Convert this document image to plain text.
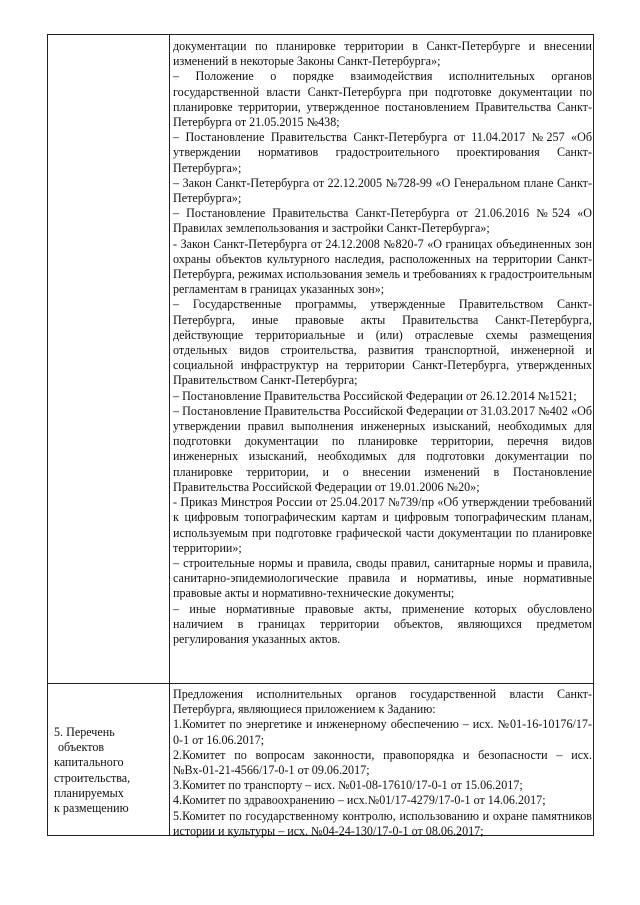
документации по планировке территории в Санкт-Петербурге и внесении изменений в некоторые Законы Санкт-Петербурга»;

– Положение о порядке взаимодействия исполнительных органов государственной власти Санкт-Петербурга при подготовке документации по планировке территории, утвержденное постановлением Правительства Санкт-Петербурга от 21.05.2015 №438;

– Постановление Правительства Санкт-Петербурга от 11.04.2017 №257 «Об утверждении нормативов градостроительного проектирования Санкт-Петербурга»;

– Закон Санкт-Петербурга от 22.12.2005 №728-99 «О Генеральном плане Санкт-Петербурга»;

– Постановление Правительства Санкт-Петербурга от 21.06.2016 №524 «О Правилах землепользования и застройки Санкт-Петербурга»;

- Закон Санкт-Петербурга от 24.12.2008 №820-7 «О границах объединенных зон охраны объектов культурного наследия, расположенных на территории Санкт-Петербурга, режимах использования земель и требованиях к градостроительным регламентам в границах указанных зон»;

– Государственные программы, утвержденные Правительством Санкт-Петербурга, иные правовые акты Правительства Санкт-Петербурга, действующие территориальные и (или) отраслевые схемы размещения отдельных видов строительства, развития транспортной, инженерной и социальной инфраструктур на территории Санкт-Петербурга, утвержденных Правительством Санкт-Петербурга;

– Постановление Правительства Российской Федерации от 26.12.2014 №1521;

– Постановление Правительства Российской Федерации от 31.03.2017 №402 «Об утверждении правил выполнения инженерных изысканий, необходимых для подготовки документации по планировке территории, перечня видов инженерных изысканий, необходимых для подготовки документации по планировке территории, и о внесении изменений в Постановление Правительства Российской Федерации от 19.01.2006 №20»;

- Приказ Минстроя России от 25.04.2017 №739/пр «Об утверждении требований к цифровым топографическим картам и цифровым топографическим планам, используемым при подготовке графической части документации по планировке территории»;

– строительные нормы и правила, своды правил, санитарные нормы и правила, санитарно-эпидемиологические правила и нормативы, иные нормативные правовые акты и нормативно-технические документы;

– иные нормативные правовые акты, применение которых обусловлено наличием в границах территории объектов, являющихся предметом регулирования указанных актов.

5. Перечень
объектов
капитального
строительства,
планируемых
к размещению

Предложения исполнительных органов государственной власти Санкт-Петербурга, являющиеся приложением к Заданию:

1.Комитет по энергетике и инженерному обеспечению – исх. №01-16-10176/17-0-1 от 16.06.2017;

2.Комитет по вопросам законности, правопорядка и безопасности – исх. №Вх-01-21-4566/17-0-1 от 09.06.2017;

3.Комитет по транспорту – исх. №01-08-17610/17-0-1 от 15.06.2017;

4.Комитет по здравоохранению – исх.№01/17-4279/17-0-1 от 14.06.2017;

5.Комитет по государственному контролю, использованию и охране памятников истории и культуры – исх. №04-24-130/17-0-1 от 08.06.2017;
